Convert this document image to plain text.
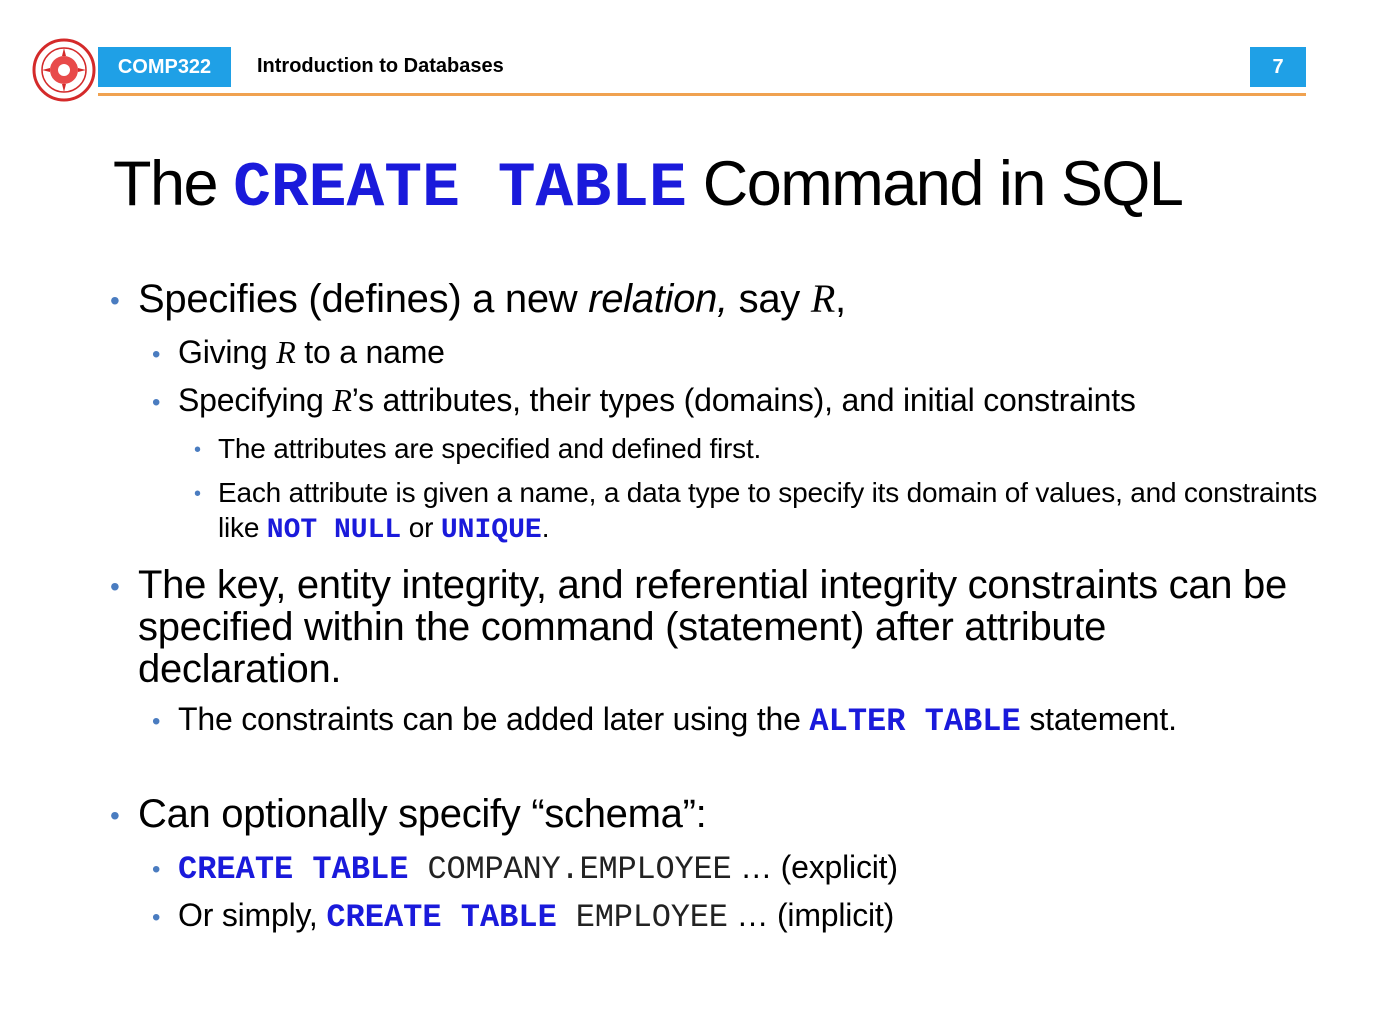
COMP322	Introduction to Databases	7
The CREATE TABLE Command in SQL
• Specifies (defines) a new relation, say R,
• Giving R to a name
• Specifying R’s attributes, their types (domains), and initial constraints
• The attributes are specified and defined first.
• Each attribute is given a name, a data type to specify its domain of values, and constraints like NOT NULL or UNIQUE.
• The key, entity integrity, and referential integrity constraints can be specified within the command (statement) after attribute declaration.
• The constraints can be added later using the ALTER TABLE statement.
• Can optionally specify “schema”:
• CREATE TABLE COMPANY.EMPLOYEE … (explicit)
• Or simply, CREATE TABLE EMPLOYEE … (implicit)
